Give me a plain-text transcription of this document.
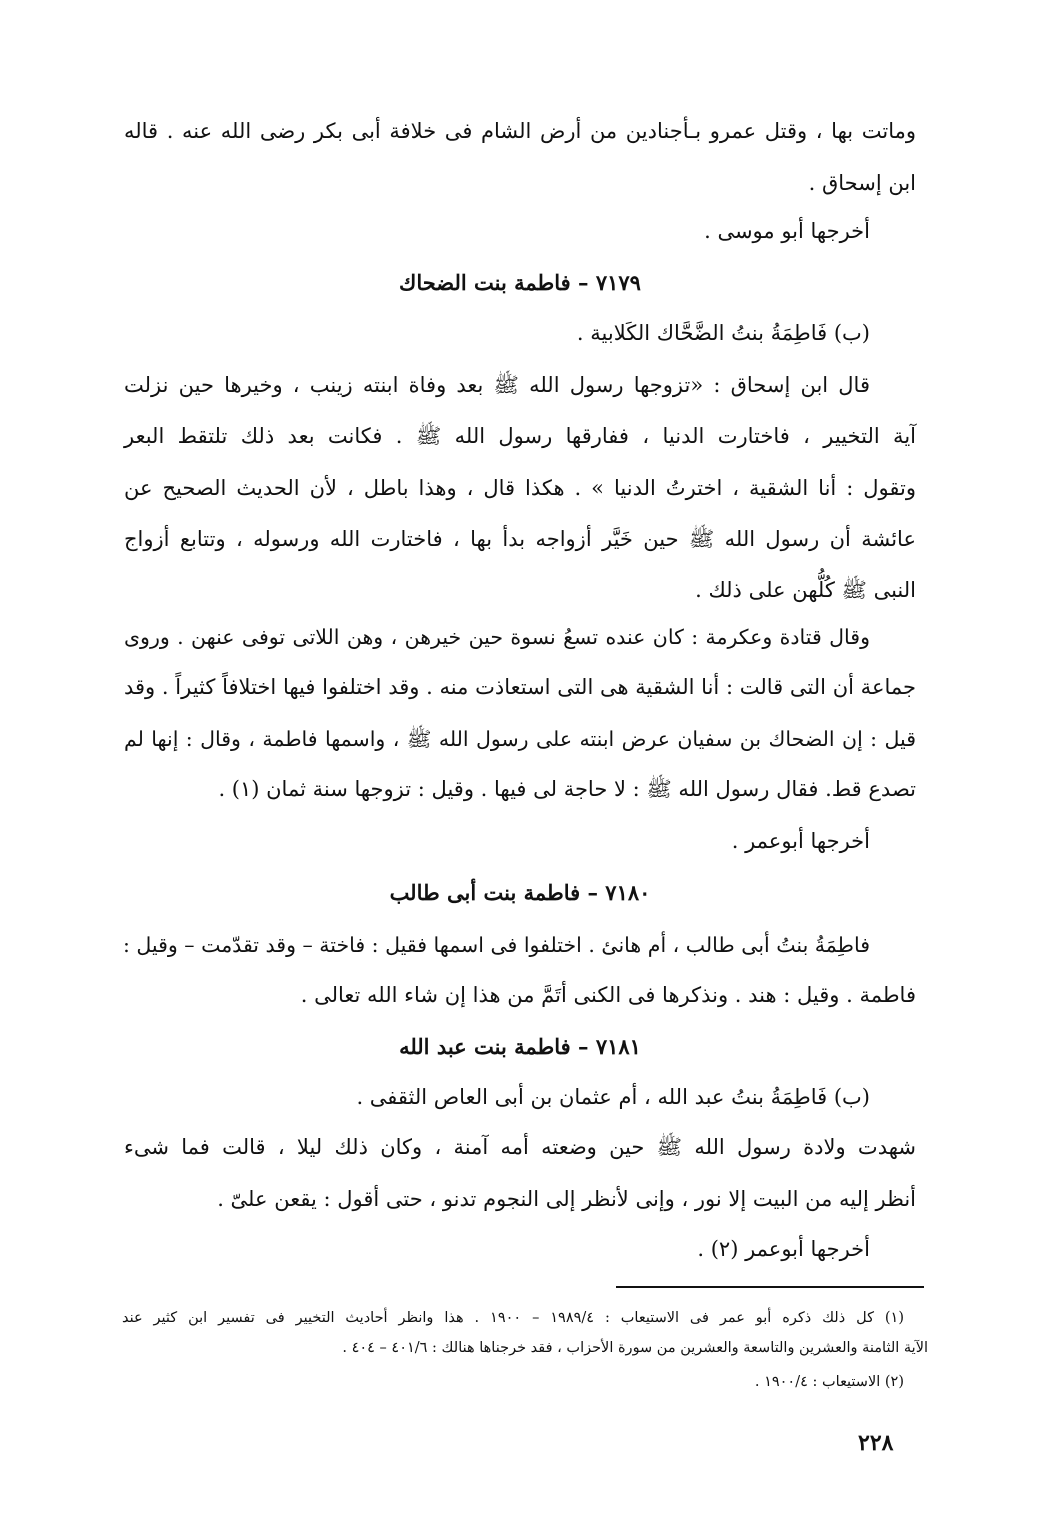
وماتت بها ، وقتل عمرو بـأجنادين من أرض الشام فى خلافة أبى بكر رضى الله عنه . قاله
ابن إسحاق .
أخرجها أبو موسى .
٧١٧٩ – فاطمة بنت الضحاك
(ب) فَاطِمَةُ بنتُ الضَّحَّاك الكَلابية .
قال ابن إسحاق : «تزوجها رسول الله ﷺ بعد وفاة ابنته زينب ، وخيرها حين نزلت
آية التخيير ، فاختارت الدنيا ، ففارقها رسول الله ﷺ . فكانت بعد ذلك تلتقط البعر
وتقول : أنا الشقية ، اخترتُ الدنيا » . هكذا قال ، وهذا باطل ، لأن الحديث الصحيح عن
عائشة أن رسول الله ﷺ حين خَيَّر أزواجه بدأ بها ، فاختارت الله ورسوله ، وتتابع أزواج
النبى ﷺ كُلُّهن على ذلك .
وقال قتادة وعكرمة : كان عنده تسعُ نسوة حين خيرهن ، وهن اللاتى توفى عنهن . وروى
جماعة أن التى قالت : أنا الشقية هى التى استعاذت منه . وقد اختلفوا فيها اختلافاً كثيراً . وقد
قيل : إن الضحاك بن سفيان عرض ابنته على رسول الله ﷺ ، واسمها فاطمة ، وقال : إنها لم
تصدع قط. فقال رسول الله ﷺ : لا حاجة لى فيها . وقيل : تزوجها سنة ثمان (١) .
أخرجها أبوعمر .
٧١٨٠ – فاطمة بنت أبى طالب
فاطِمَةُ بنتُ أبى طالب ، أم هانئ . اختلفوا فى اسمها فقيل : فاختة – وقد تقدّمت – وقيل :
فاطمة . وقيل : هند . ونذكرها فى الكنى أتَمَّ من هذا إن شاء الله تعالى .
٧١٨١ – فاطمة بنت عبد الله
(ب) فَاطِمَةُ بنتُ عبد الله ، أم عثمان بن أبى العاص الثقفى .
شهدت ولادة رسول الله ﷺ حين وضعته أمه آمنة ، وكان ذلك ليلا ، قالت فما شىء
أنظر إليه من البيت إلا نور ، وإنى لأنظر إلى النجوم تدنو ، حتى أقول : يقعن علىّ .
أخرجها أبوعمر (٢) .
(١) كل ذلك ذكره أبو عمر فى الاستيعاب : ١٩٨٩/٤ – ١٩٠٠ . هذا وانظر أحاديث التخيير فى تفسير ابن كثير عند
الآية الثامنة والعشرين والتاسعة والعشرين من سورة الأحزاب ، فقد خرجناها هنالك : ٤٠١/٦ – ٤٠٤ .
(٢) الاستيعاب : ١٩٠٠/٤ .
٢٢٨
